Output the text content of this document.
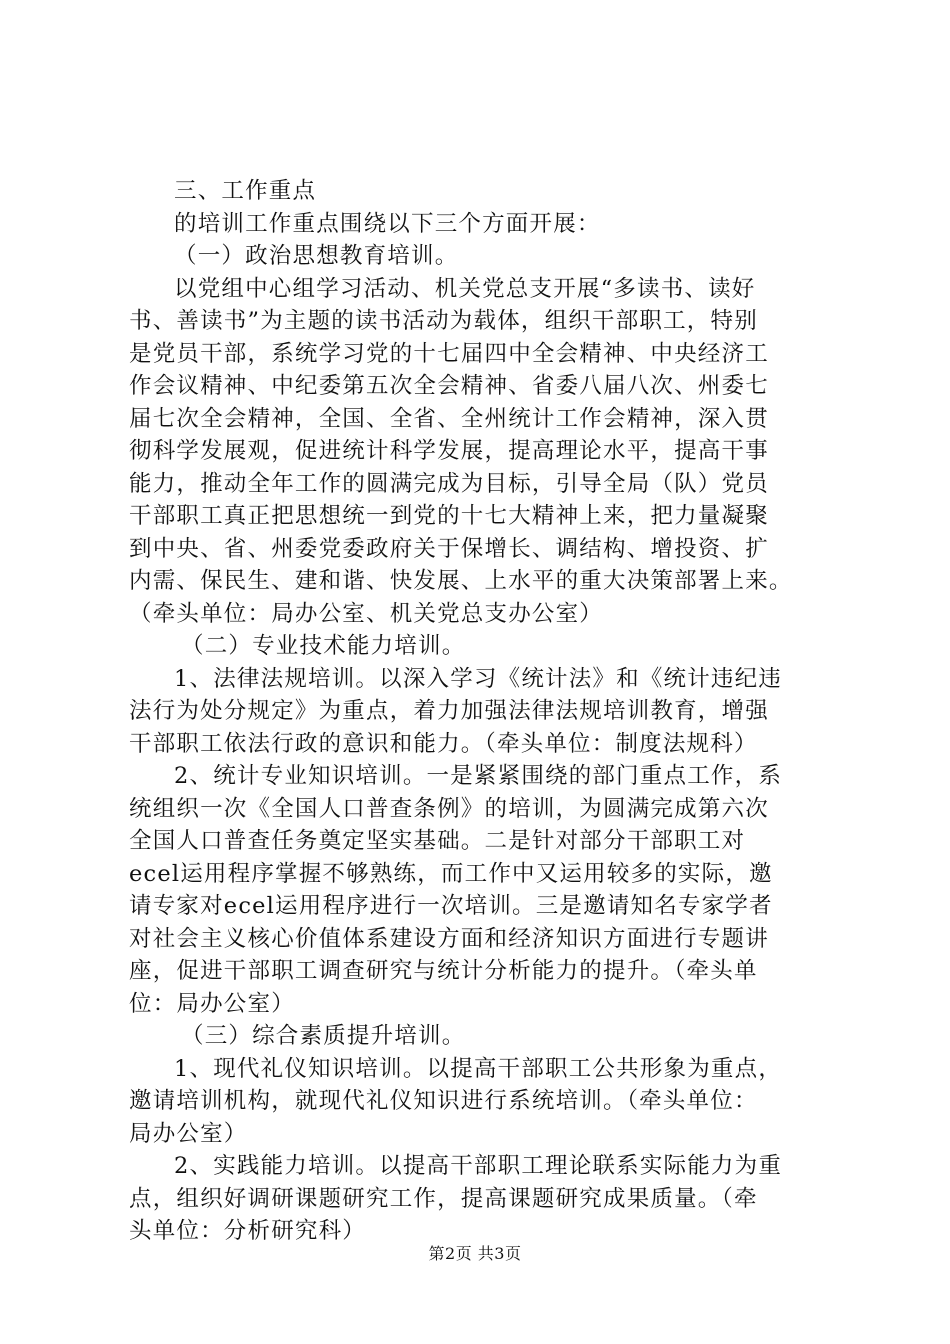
三、工作重点
的培训工作重点围绕以下三个方面开展：
（一）政治思想教育培训。
以党组中心组学习活动、机关党总支开展“多读书、读好
书、善读书”为主题的读书活动为载体，组织干部职工，特别
是党员干部，系统学习党的十七届四中全会精神、中央经济工
作会议精神、中纪委第五次全会精神、省委八届八次、州委七
届七次全会精神，全国、全省、全州统计工作会精神，深入贯
彻科学发展观，促进统计科学发展，提高理论水平，提高干事
能力，推动全年工作的圆满完成为目标，引导全局（队）党员
干部职工真正把思想统一到党的十七大精神上来，把力量凝聚
到中央、省、州委党委政府关于保增长、调结构、增投资、扩
内需、保民生、建和谐、快发展、上水平的重大决策部署上来。
（牵头单位：局办公室、机关党总支办公室）
（二）专业技术能力培训。
1、法律法规培训。以深入学习《统计法》和《统计违纪违
法行为处分规定》为重点，着力加强法律法规培训教育，增强
干部职工依法行政的意识和能力。（牵头单位：制度法规科）
2、统计专业知识培训。一是紧紧围绕的部门重点工作，系
统组织一次《全国人口普查条例》的培训，为圆满完成第六次
全国人口普查任务奠定坚实基础。二是针对部分干部职工对
ecel运用程序掌握不够熟练，而工作中又运用较多的实际，邀
请专家对ecel运用程序进行一次培训。三是邀请知名专家学者
对社会主义核心价值体系建设方面和经济知识方面进行专题讲
座，促进干部职工调查研究与统计分析能力的提升。（牵头单
位：局办公室）
（三）综合素质提升培训。
1、现代礼仪知识培训。以提高干部职工公共形象为重点，
邀请培训机构，就现代礼仪知识进行系统培训。（牵头单位：
局办公室）
2、实践能力培训。以提高干部职工理论联系实际能力为重
点，组织好调研课题研究工作，提高课题研究成果质量。（牵
头单位：分析研究科）
第2页 共3页
